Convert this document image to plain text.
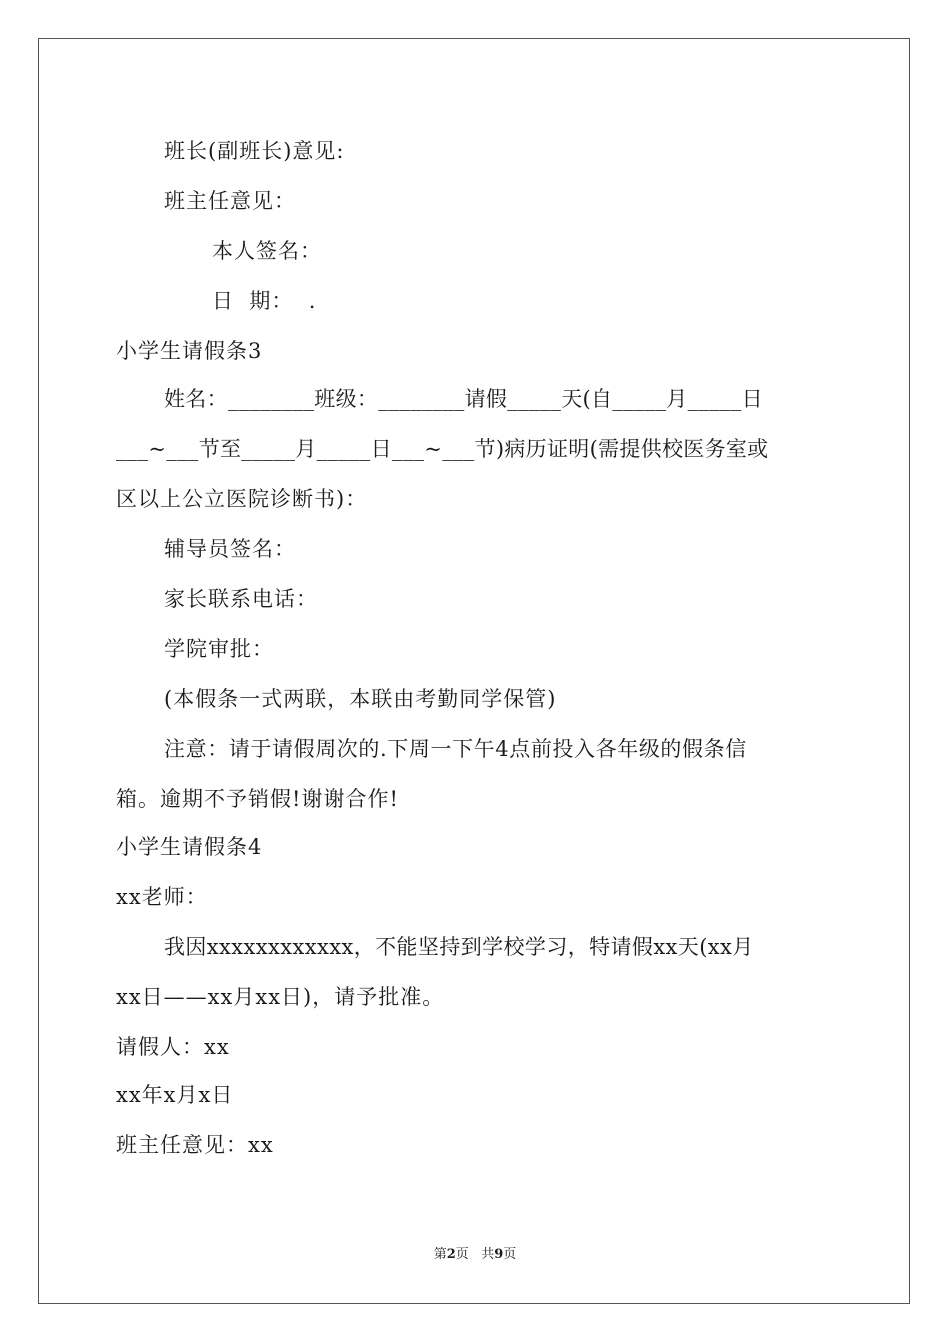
班长(副班长)意见:
班主任意见：
本人签名：
日  期：  .
小学生请假条3
姓名：________班级：________请假_____天(自_____月_____日
___~___节至_____月_____日___~___节)病历证明(需提供校医务室或
区以上公立医院诊断书)：
辅导员签名：
家长联系电话：
学院审批：
(本假条一式两联，本联由考勤同学保管)
注意：请于请假周次的.下周一下午4点前投入各年级的假条信
箱。逾期不予销假!谢谢合作!
小学生请假条4
xx老师：
我因xxxxxxxxxxxx，不能坚持到学校学习，特请假xx天(xx月
xx日——xx月xx日)，请予批准。
请假人：xx
xx年x月x日
班主任意见：xx
第2页 共9页
